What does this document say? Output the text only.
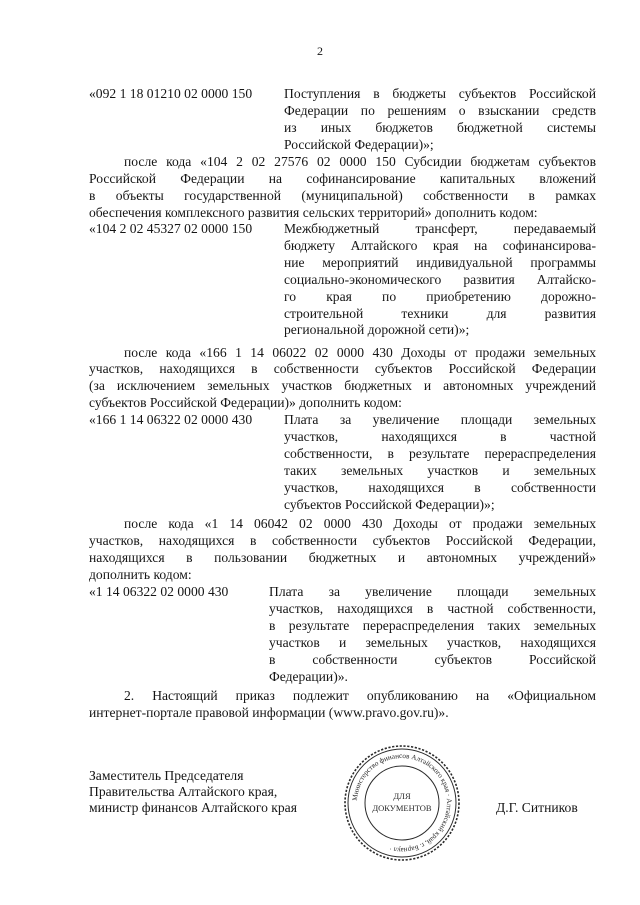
2
«092 1 18 01210 02 0000 150 Поступления в бюджеты субъектов Российской
Федерации по решениям о взыскании средств
из иных бюджетов бюджетной системы
Российской Федерации)»;
после кода «104 2 02 27576 02 0000 150 Субсидии бюджетам субъектов
Российской Федерации на софинансирование капитальных вложений
в объекты государственной (муниципальной) собственности в рамках
обеспечения комплексного развития сельских территорий» дополнить кодом:
«104 2 02 45327 02 0000 150 Межбюджетный трансферт, передаваемый
бюджету Алтайского края на софинансирова-
ние мероприятий индивидуальной программы
социально-экономического развития Алтайско-
го края по приобретению дорожно-
строительной техники для развития
региональной дорожной сети)»;
после кода «166 1 14 06022 02 0000 430 Доходы от продажи земельных
участков, находящихся в собственности субъектов Российской Федерации
(за исключением земельных участков бюджетных и автономных учреждений
субъектов Российской Федерации)» дополнить кодом:
«166 1 14 06322 02 0000 430 Плата за увеличение площади земельных
участков, находящихся в частной
собственности, в результате перераспределения
таких земельных участков и земельных
участков, находящихся в собственности
субъектов Российской Федерации)»;
после кода «1 14 06042 02 0000 430 Доходы от продажи земельных
участков, находящихся в собственности субъектов Российской Федерации,
находящихся в пользовании бюджетных и автономных учреждений»
дополнить кодом:
«1 14 06322 02 0000 430	Плата за увеличение площади земельных
участков, находящихся в частной собственности,
в результате перераспределения таких земельных
участков и земельных участков, находящихся
в собственности субъектов Российской
Федерации)».
2. Настоящий приказ подлежит опубликованию на «Официальном
интернет-портале правовой информации (www.pravo.gov.ru)».
Заместитель Председателя
Правительства Алтайского края,
министр финансов Алтайского края	Д.Г. Ситников
Министерство финансов Алтайского края · Алтайский край, г. Барнаул ·
ДЛЯ
ДОКУМЕНТОВ
